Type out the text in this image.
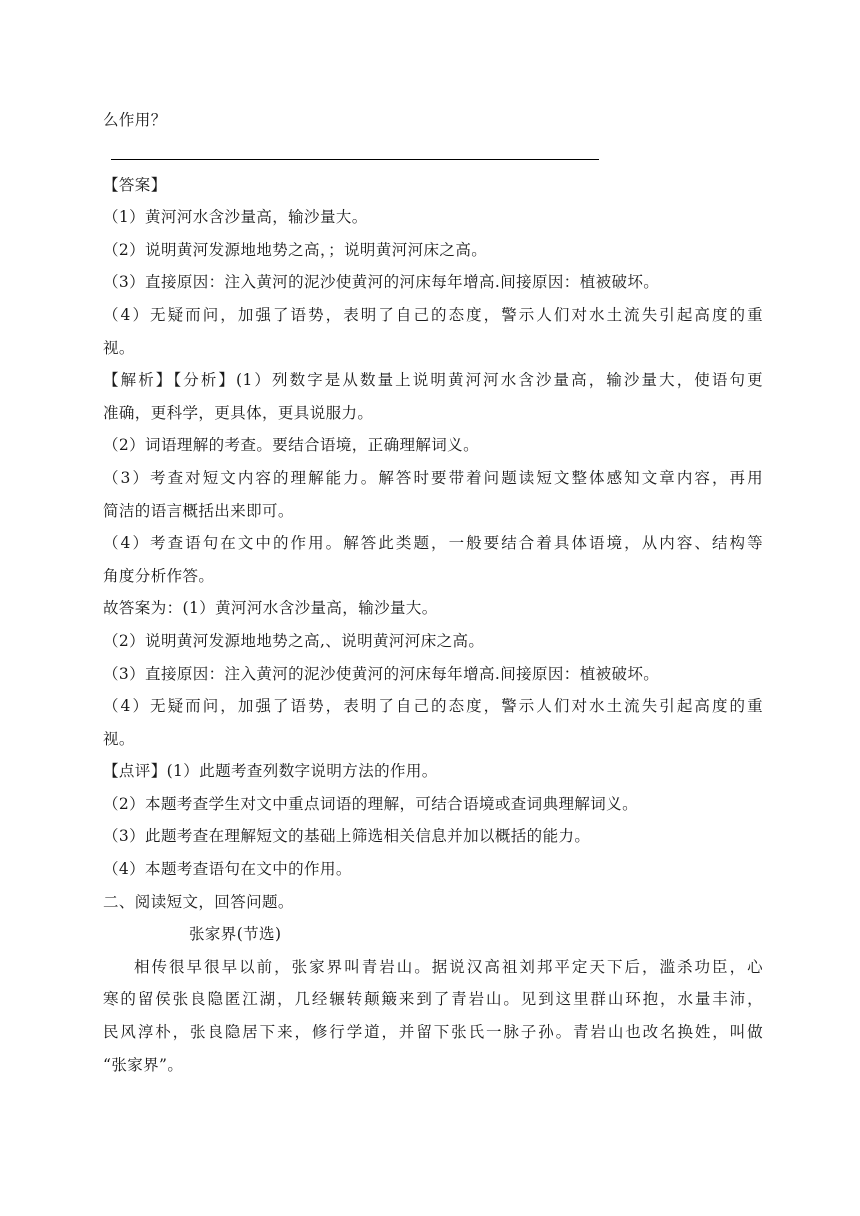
么作用？
【答案】
（1）黄河河水含沙量高，输沙量大。
（2）说明黄河发源地地势之高，；说明黄河河床之高。
（3）直接原因：注入黄河的泥沙使黄河的河床每年增高.间接原因：植被破坏。
（4）无疑而问，加强了语势，表明了自己的态度，警示人们对水土流失引起高度的重
视。
【解析】【分析】(1）列数字是从数量上说明黄河河水含沙量高，输沙量大，使语句更
准确，更科学，更具体，更具说服力。
（2）词语理解的考查。要结合语境，正确理解词义。
（3）考查对短文内容的理解能力。解答时要带着问题读短文整体感知文章内容，再用
简洁的语言概括出来即可。
（4）考查语句在文中的作用。解答此类题，一般要结合着具体语境，从内容、结构等
角度分析作答。
故答案为：(1）黄河河水含沙量高，输沙量大。
（2）说明黄河发源地地势之高,、说明黄河河床之高。
（3）直接原因：注入黄河的泥沙使黄河的河床每年增高.间接原因：植被破坏。
（4）无疑而问，加强了语势，表明了自己的态度，警示人们对水土流失引起高度的重
视。
【点评】(1）此题考查列数字说明方法的作用。
（2）本题考查学生对文中重点词语的理解，可结合语境或查词典理解词义。
（3）此题考查在理解短文的基础上筛选相关信息并加以概括的能力。
（4）本题考查语句在文中的作用。
二、阅读短文，回答问题。
张家界(节选)
相传很早很早以前，张家界叫青岩山。据说汉高祖刘邦平定天下后，滥杀功臣，心
寒的留侯张良隐匿江湖，几经辗转颠簸来到了青岩山。见到这里群山环抱，水量丰沛，
民风淳朴，张良隐居下来，修行学道，并留下张氏一脉子孙。青岩山也改名换姓，叫做
“张家界”。
